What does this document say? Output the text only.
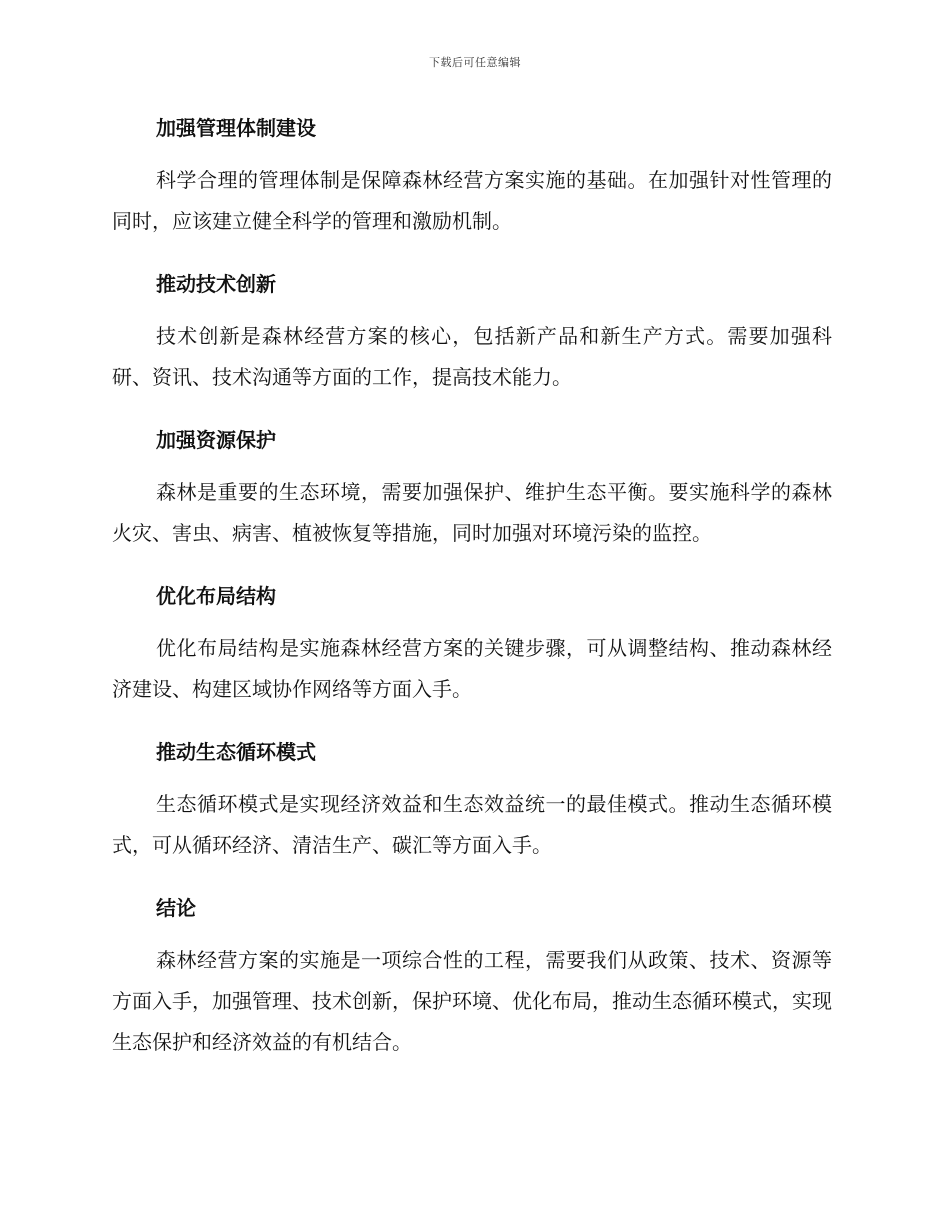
下载后可任意编辑
加强管理体制建设

科学合理的管理体制是保障森林经营方案实施的基础。在加强针对性管理的同时，应该建立健全科学的管理和激励机制。

推动技术创新

技术创新是森林经营方案的核心，包括新产品和新生产方式。需要加强科研、资讯、技术沟通等方面的工作，提高技术能力。

加强资源保护

森林是重要的生态环境，需要加强保护、维护生态平衡。要实施科学的森林火灾、害虫、病害、植被恢复等措施，同时加强对环境污染的监控。

优化布局结构

优化布局结构是实施森林经营方案的关键步骤，可从调整结构、推动森林经济建设、构建区域协作网络等方面入手。

推动生态循环模式

生态循环模式是实现经济效益和生态效益统一的最佳模式。推动生态循环模式，可从循环经济、清洁生产、碳汇等方面入手。

结论

森林经营方案的实施是一项综合性的工程，需要我们从政策、技术、资源等方面入手，加强管理、技术创新，保护环境、优化布局，推动生态循环模式，实现生态保护和经济效益的有机结合。
